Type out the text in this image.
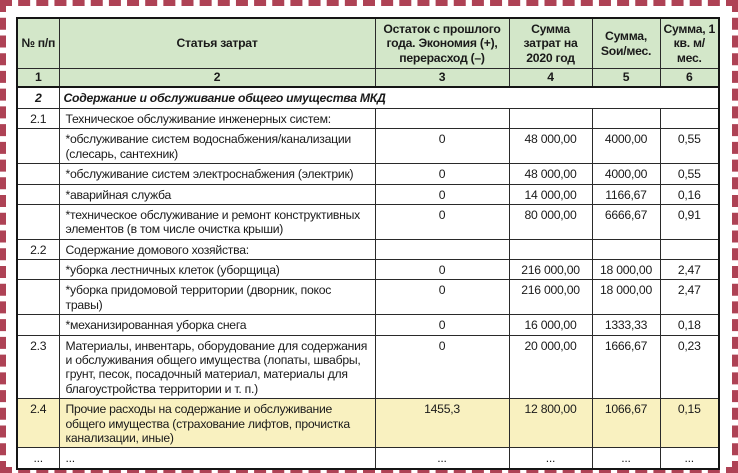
№ п/п	Статья затрат	Остаток с прошлого года. Экономия (+), перерасход (–)	Сумма затрат на 2020 год	Сумма, Sои/мес.	Сумма, 1 кв. м/мес.
1	2	3	4	5	6
2	Содержание и обслуживание общего имущества МКД				
2.1	Техническое обслуживание инженерных систем:				
	*обслуживание систем водоснабжения/канализации (слесарь, сантехник)	0	48 000,00	4000,00	0,55
	*обслуживание систем электроснабжения (электрик)	0	48 000,00	4000,00	0,55
	*аварийная служба	0	14 000,00	1166,67	0,16
	*техническое обслуживание и ремонт конструктивных элементов (в том числе очистка крыши)	0	80 000,00	6666,67	0,91
2.2	Содержание домового хозяйства:				
	*уборка лестничных клеток (уборщица)	0	216 000,00	18 000,00	2,47
	*уборка придомовой территории (дворник, покос травы)	0	216 000,00	18 000,00	2,47
	*механизированная уборка снега	0	16 000,00	1333,33	0,18
2.3	Материалы, инвентарь, оборудование для содержания и обслуживания общего имущества (лопаты, швабры, грунт, песок, посадочный материал, материалы для благоустройства территории и т. п.)	0	20 000,00	1666,67	0,23
2.4	Прочие расходы на содержание и обслуживание общего имущества (страхование лифтов, прочистка канализации, иные)	1455,3	12 800,00	1066,67	0,15
...	...	...	...	...	...
